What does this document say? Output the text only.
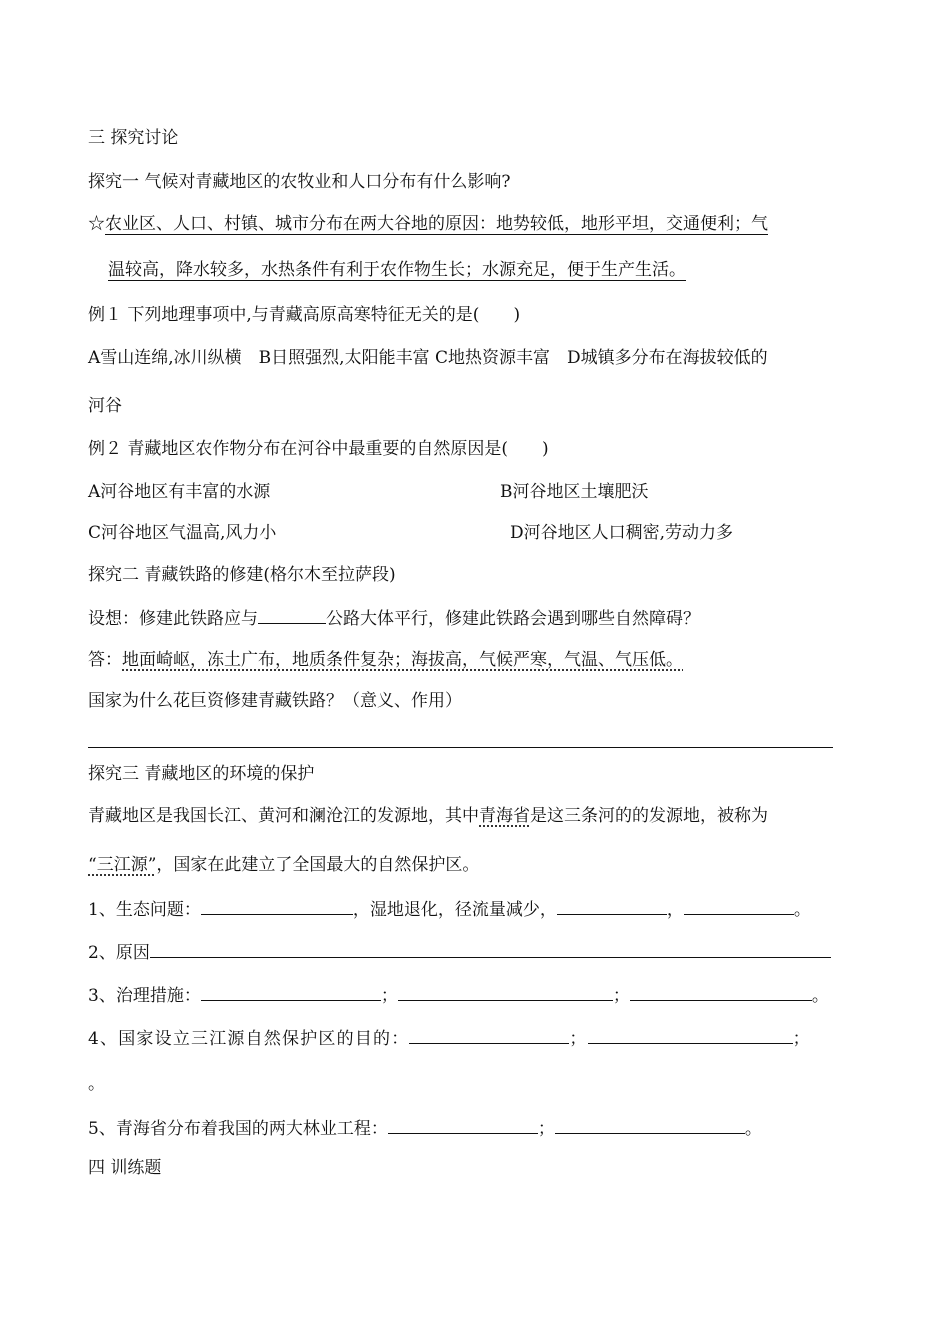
三 探究讨论
探究一 气候对青藏地区的农牧业和人口分布有什么影响?
☆农业区、人口、村镇、城市分布在两大谷地的原因：地势较低，地形平坦，交通便利；气
温较高，降水较多，水热条件有利于农作物生长；水源充足，便于生产生活。
例１ 下列地理事项中,与青藏高原高寒特征无关的是(　　)
A雪山连绵,冰川纵横　B日照强烈,太阳能丰富 C地热资源丰富　D城镇多分布在海拔较低的
河谷
例２ 青藏地区农作物分布在河谷中最重要的自然原因是(　　)
A河谷地区有丰富的水源	B河谷地区土壤肥沃
C河谷地区气温高,风力小	D河谷地区人口稠密,劳动力多
探究二 青藏铁路的修建(格尔木至拉萨段)
设想：修建此铁路应与	公路大体平行，修建此铁路会遇到哪些自然障碍？
答：地面崎岖，冻土广布，地质条件复杂；海拔高，气候严寒，气温、气压低。
国家为什么花巨资修建青藏铁路？（意义、作用）
探究三 青藏地区的环境的保护
青藏地区是我国长江、黄河和澜沧江的发源地，其中青海省是这三条河的的发源地，被称为
“三江源”，国家在此建立了全国最大的自然保护区。
1、生态问题：	，湿地退化，径流量减少，	，	。
2、原因
3、治理措施：	；	；	。
4、国家设立三江源自然保护区的目的：	；	；
。
5、青海省分布着我国的两大林业工程：	；	。
四 训练题
